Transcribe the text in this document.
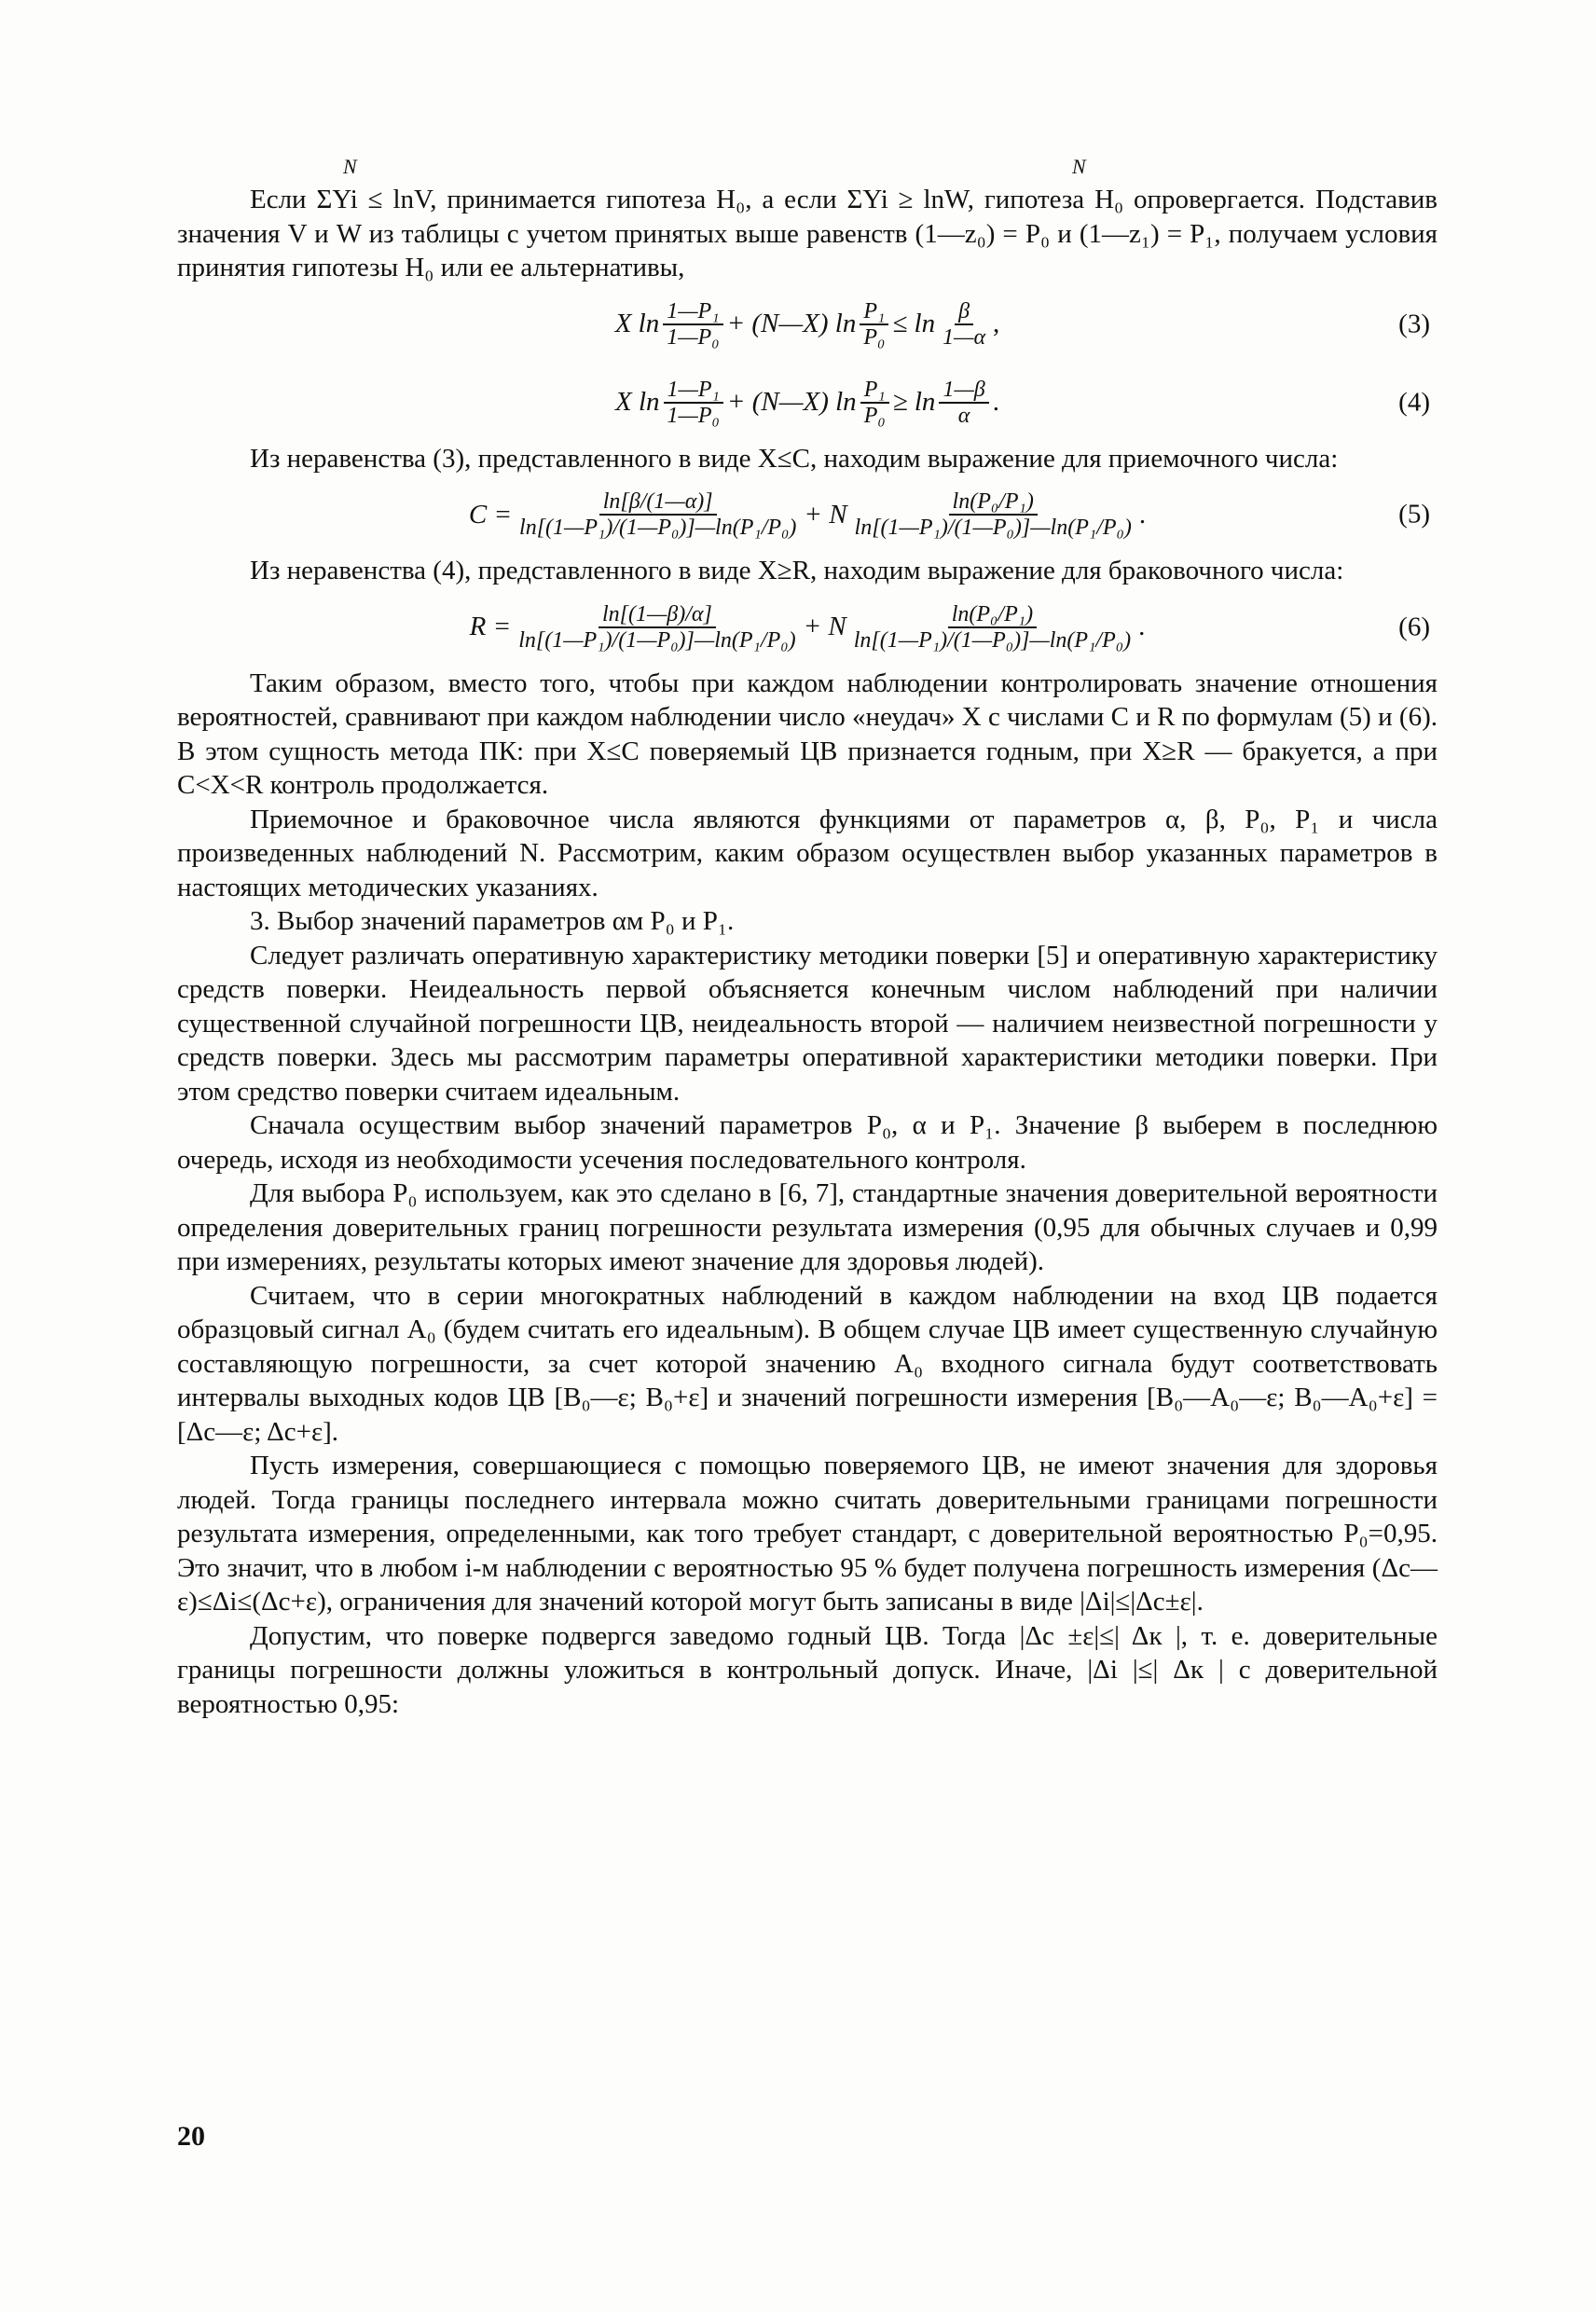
N	N

Если ΣYi ≤ lnV, принимается гипотеза H₀, а если ΣYi ≥ lnW, гипотеза H₀ опровергается. Подставив значения V и W из таблицы с учетом принятых выше равенств (1—z₀) = P₀ и (1—z₁) = P₁, получаем условия принятия гипотезы H₀ или ее альтернативы,

X $\ln \frac{\text{1—P₁}}{\text{1—P₀}}$ + (N—X) $\ln \frac{\text{P₁}}{\text{P₀}} \le \ln \frac{\beta}{1—\alpha}$ ,	(3)
X $\ln \frac{\text{1—P₁}}{\text{1—P₀}}$ + (N—X) $\ln \frac{\text{P₁}}{\text{P₀}} \ge \ln \frac{1—\beta}{\alpha}$ .	(4)

Из неравенства (3), представленного в виде X≤C, находим выражение для приемочного числа:

$C = \frac{\ln[\beta/(1—\alpha)]}{\text{ln[(1—P₁)/(1—P₀)]—ln(P₁/P₀)}} + N \frac{\text{ln(P₀/P₁)}}{\text{ln[(1—P₁)/(1—P₀)]—ln(P₁/P₀)}}$ .	(5)

Из неравенства (4), представленного в виде X≥R, находим выражение для браковочного числа:

$R = \frac{\ln[(1—\beta)/\alpha]}{\text{ln[(1—P₁)/(1—P₀)]—ln(P₁/P₀)}} + N \frac{\text{ln(P₀/P₁)}}{\text{ln[(1—P₁)/(1—P₀)]—ln(P₁/P₀)}}$ .	(6)

Таким образом, вместо того, чтобы при каждом наблюдении контролировать значение отношения вероятностей, сравнивают при каждом наблюдении число «неудач» X с числами C и R по формулам (5) и (6). В этом сущность метода ПК: при X≤C поверяемый ЦВ признается годным, при X≥R — бракуется, а при C<X<R контроль продолжается.

Приемочное и браковочное числа являются функциями от параметров α, β, P₀, P₁ и числа произведенных наблюдений N. Рассмотрим, каким образом осуществлен выбор указанных параметров в настоящих методических указаниях.

3. Выбор значений параметров αм P₀ и P₁.

Следует различать оперативную характеристику методики поверки [5] и оперативную характеристику средств поверки. Неидеальность первой объясняется конечным числом наблюдений при наличии существенной случайной погрешности ЦВ, неидеальность второй — наличием неизвестной погрешности у средств поверки. Здесь мы рассмотрим параметры оперативной характеристики методики поверки. При этом средство поверки считаем идеальным.

Сначала осуществим выбор значений параметров P₀, α и P₁. Значение β выберем в последнюю очередь, исходя из необходимости усечения последовательного контроля.

Для выбора P₀ используем, как это сделано в [6, 7], стандартные значения доверительной вероятности определения доверительных границ погрешности результата измерения (0,95 для обычных случаев и 0,99 при измерениях, результаты которых имеют значение для здоровья людей).

Считаем, что в серии многократных наблюдений в каждом наблюдении на вход ЦВ подается образцовый сигнал A₀ (будем считать его идеальным). В общем случае ЦВ имеет существенную случайную составляющую погрешности, за счет которой значению A₀ входного сигнала будут соответствовать интервалы выходных кодов ЦВ [B₀—ε; B₀+ε] и значений погрешности измерения [B₀—A₀—ε; B₀—A₀+ε] = [Δс—ε; Δс+ε].

Пусть измерения, совершающиеся с помощью поверяемого ЦВ, не имеют значения для здоровья людей. Тогда границы последнего интервала можно считать доверительными границами погрешности результата измерения, определенными, как того требует стандарт, с доверительной вероятностью P₀=0,95. Это значит, что в любом i-м наблюдении с вероятностью 95 % будет получена погрешность измерения (Δс—ε)≤Δi≤(Δс+ε), ограничения для значений которой могут быть записаны в виде |Δi|≤|Δс±ε|.

Допустим, что поверке подвергся заведомо годный ЦВ. Тогда |Δс ±ε|≤| Δк |, т. е. доверительные границы погрешности должны уложиться в контрольный допуск. Иначе, |Δi |≤| Δк | с доверительной вероятностью 0,95:

20
